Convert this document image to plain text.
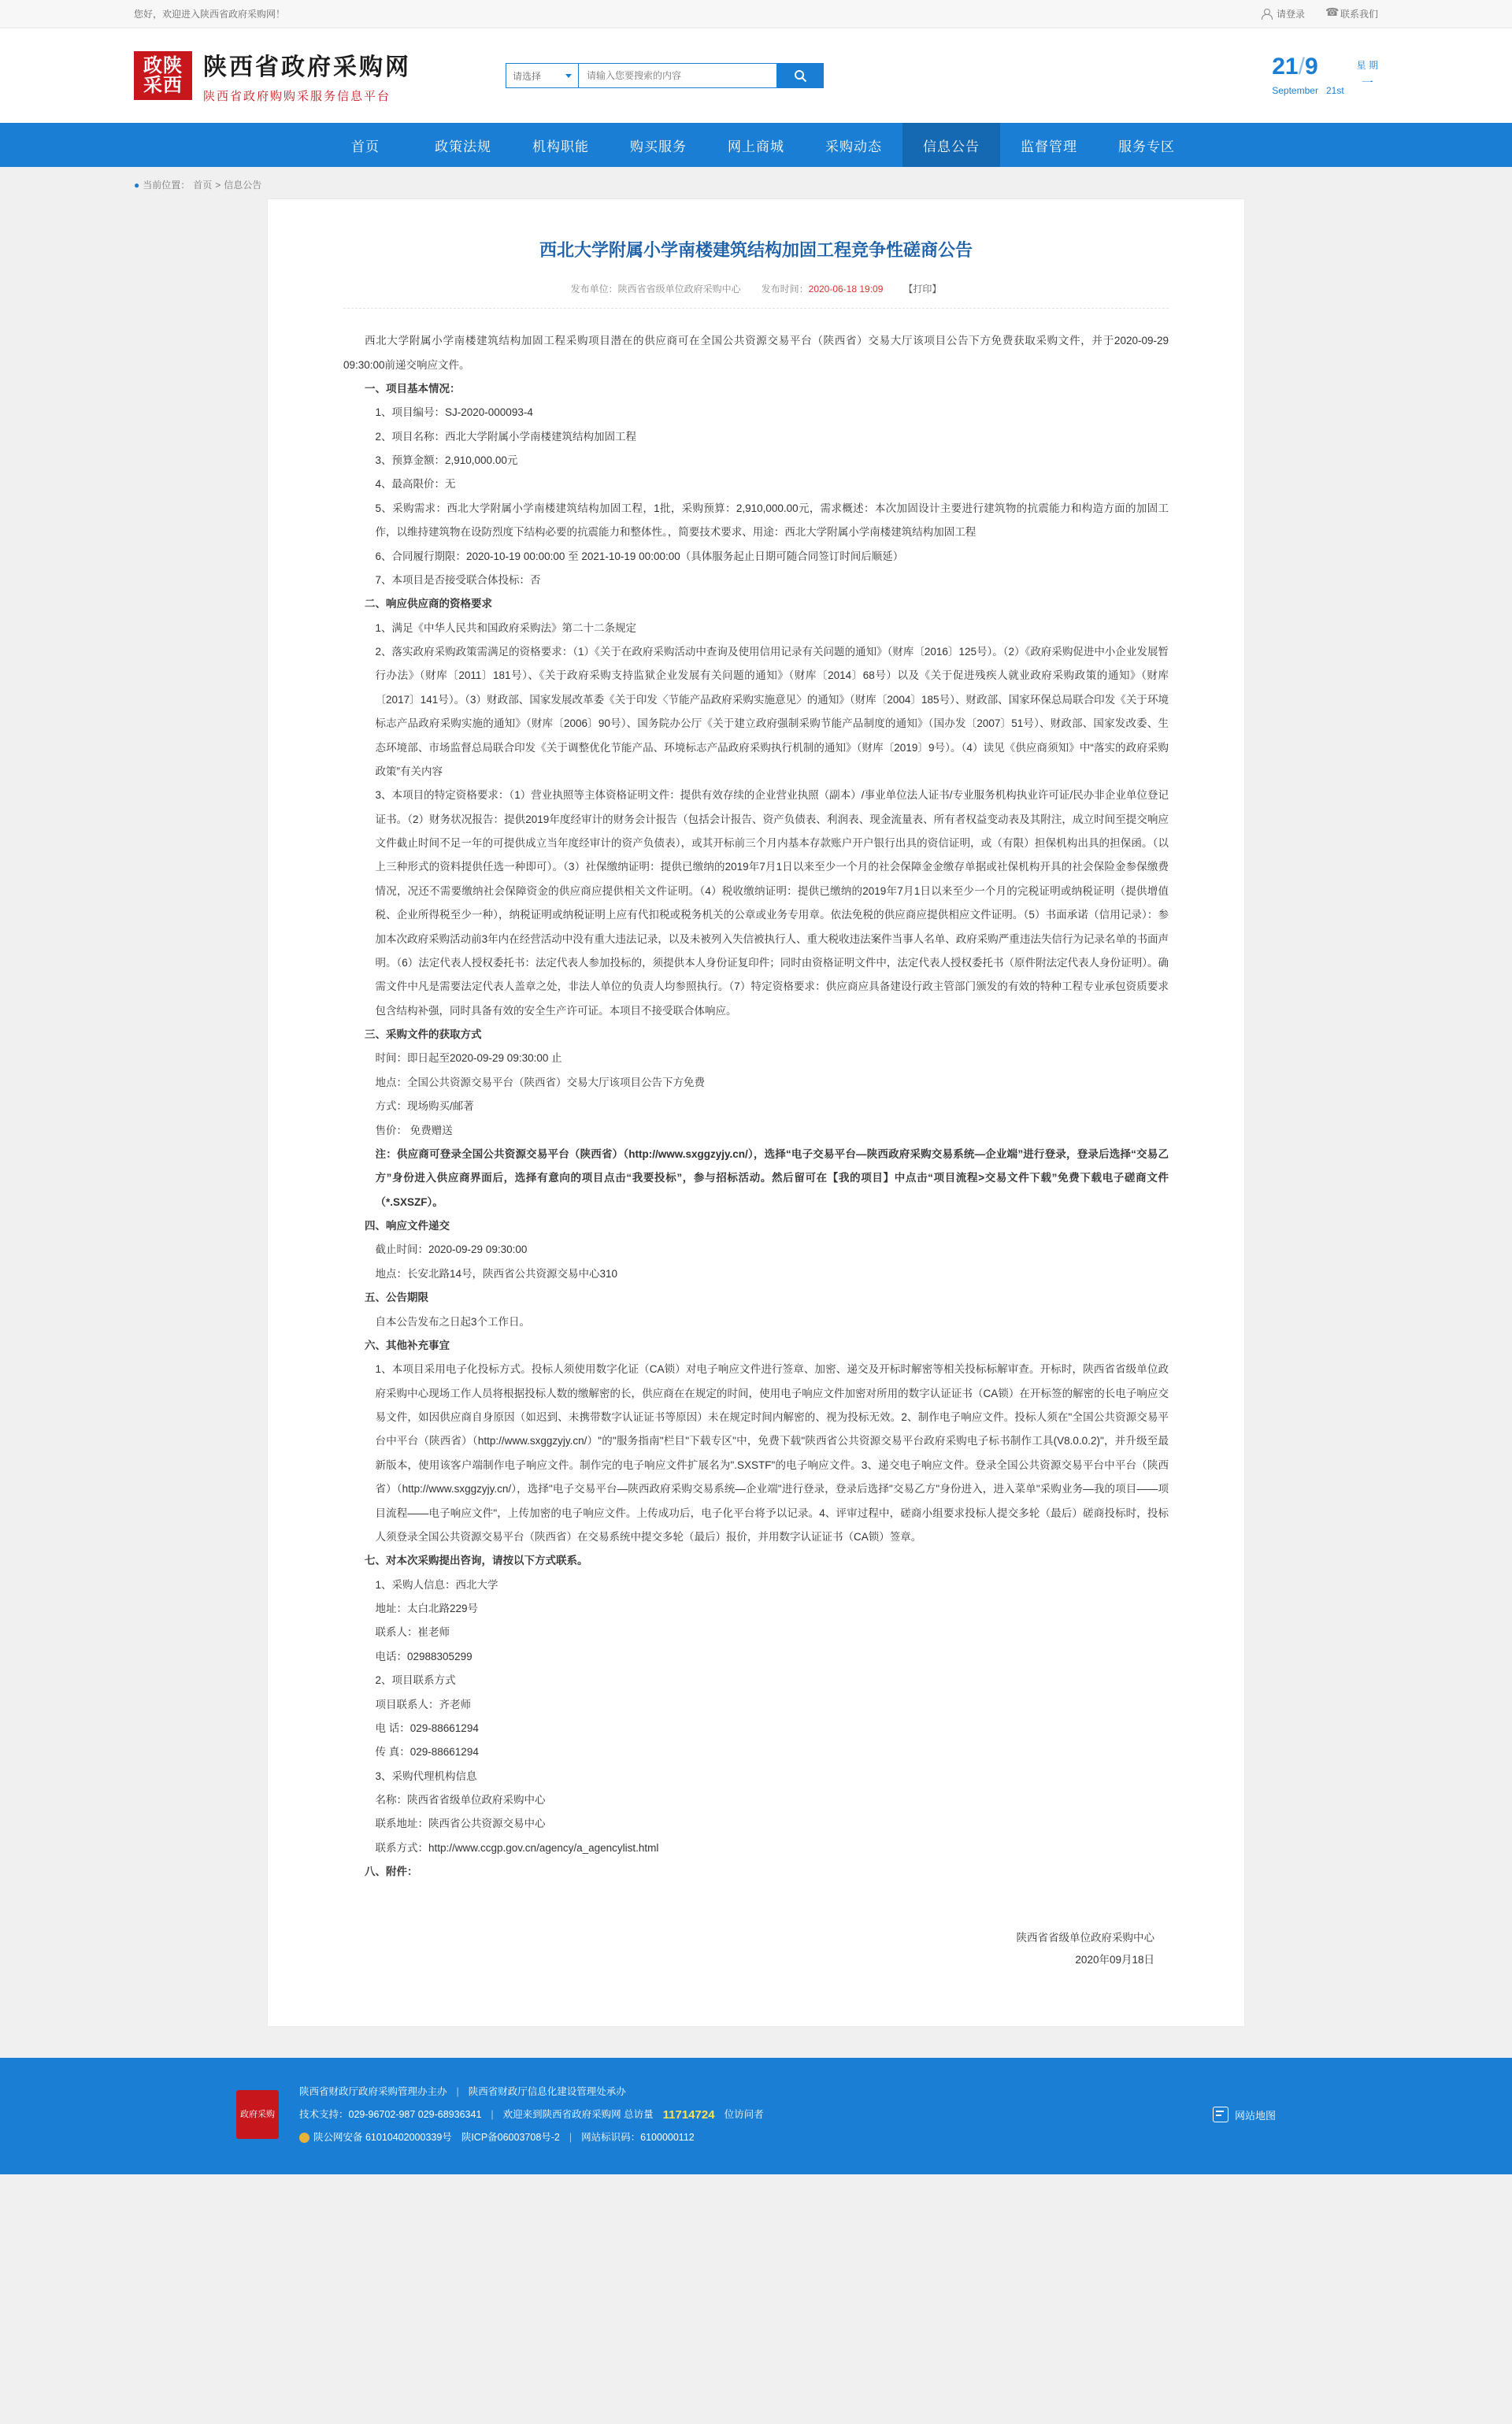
您好，欢迎进入陕西省政府采购网！	请登录 ☎	联系我们
政陕
采西
陕西省政府采购网
陕西省政府购购采服务信息平台
请选择
请输入您要搜索的内容	21/9
September 21st
星 期
一
首页	政策法规	机构职能	购买服务	网上商城	采购动态	信息公告	监督管理	服务专区
● 当前位置： 首页 > 信息公告
西北大学附属小学南楼建筑结构加固工程竞争性磋商公告
发布单位：陕西省省级单位政府采购中心 发布时间：2020-06-18 19:09 【打印】

西北大学附属小学南楼建筑结构加固工程采购项目潜在的供应商可在全国公共资源交易平台（陕西省）交易大厅该项目公告下方免费获取采购文件，并于2020-09-29 09:30:00前递交响应文件。

一、项目基本情况：

1、项目编号：SJ-2020-000093-4

2、项目名称：西北大学附属小学南楼建筑结构加固工程

3、预算金额：2,910,000.00元

4、最高限价：无

5、采购需求：西北大学附属小学南楼建筑结构加固工程，1批，采购预算：2,910,000.00元，需求概述：本次加固设计主要进行建筑物的抗震能力和构造方面的加固工作，以维持建筑物在设防烈度下结构必要的抗震能力和整体性。，简要技术要求、用途：西北大学附属小学南楼建筑结构加固工程

6、合同履行期限：2020-10-19 00:00:00 至 2021-10-19 00:00:00（具体服务起止日期可随合同签订时间后顺延）

7、本项目是否接受联合体投标：否

二、响应供应商的资格要求

1、满足《中华人民共和国政府采购法》第二十二条规定

2、落实政府采购政策需满足的资格要求：（1）《关于在政府采购活动中查询及使用信用记录有关问题的通知》（财库〔2016〕125号）。（2）《政府采购促进中小企业发展暂行办法》（财库〔2011〕181号）、《关于政府采购支持监狱企业发展有关问题的通知》（财库〔2014〕68号）以及《关于促进残疾人就业政府采购政策的通知》（财库〔2017〕141号）。（3）财政部、国家发展改革委《关于印发〈节能产品政府采购实施意见〉的通知》（财库〔2004〕185号）、财政部、国家环保总局联合印发《关于环境标志产品政府采购实施的通知》（财库〔2006〕90号）、国务院办公厅《关于建立政府强制采购节能产品制度的通知》（国办发〔2007〕51号）、财政部、国家发改委、生态环境部、市场监督总局联合印发《关于调整优化节能产品、环境标志产品政府采购执行机制的通知》（财库〔2019〕9号）。（4）读见《供应商须知》中“落实的政府采购政策”有关内容

3、本项目的特定资格要求：（1）营业执照等主体资格证明文件：提供有效存续的企业营业执照（副本）/事业单位法人证书/专业服务机构执业许可证/民办非企业单位登记证书。（2）财务状况报告：提供2019年度经审计的财务会计报告（包括会计报告、资产负债表、利润表、现金流量表、所有者权益变动表及其附注，成立时间至提交响应文件截止时间不足一年的可提供成立当年度经审计的资产负债表），或其开标前三个月内基本存款账户开户银行出具的资信证明，或（有限）担保机构出具的担保函。（以上三种形式的资料提供任选一种即可）。（3）社保缴纳证明：提供已缴纳的2019年7月1日以来至少一个月的社会保障金金缴存单据或社保机构开具的社会保险金参保缴费情况，况还不需要缴纳社会保障资金的供应商应提供相关文件证明。（4）税收缴纳证明：提供已缴纳的2019年7月1日以来至少一个月的完税证明或纳税证明（提供增值税、企业所得税至少一种），纳税证明或纳税证明上应有代扣税或税务机关的公章或业务专用章。依法免税的供应商应提供相应文件证明。（5）书面承诺（信用记录）：参加本次政府采购活动前3年内在经营活动中没有重大违法记录，以及未被列入失信被执行人、重大税收违法案件当事人名单、政府采购严重违法失信行为记录名单的书面声明。（6）法定代表人授权委托书：法定代表人参加投标的，须提供本人身份证复印件；同时由资格证明文件中，法定代表人授权委托书（原件附法定代表人身份证明）。确需文件中凡是需要法定代表人盖章之处，非法人单位的负责人均参照执行。（7）特定资格要求：供应商应具备建设行政主管部门颁发的有效的特种工程专业承包资质要求包含结构补强，同时具备有效的安全生产许可证。本项目不接受联合体响应。

三、采购文件的获取方式

时间：即日起至2020-09-29 09:30:00 止

地点：全国公共资源交易平台（陕西省）交易大厅该项目公告下方免费

方式：现场购买/邮著

售价： 免费赠送

注：供应商可登录全国公共资源交易平台（陕西省）（http://www.sxggzyjy.cn/），选择“电子交易平台—陕西政府采购交易系统—企业端”进行登录，登录后选择“交易乙方”身份进入供应商界面后，选择有意向的项目点击“我要投标”，参与招标活动。然后留可在【我的项目】中点击“项目流程>交易文件下载”免费下载电子磋商文件（*.SXSZF）。

四、响应文件递交

截止时间：2020-09-29 09:30:00

地点：长安北路14号，陕西省公共资源交易中心310

五、公告期限

自本公告发布之日起3个工作日。

六、其他补充事宜

1、本项目采用电子化投标方式。投标人须使用数字化证（CA锁）对电子响应文件进行签章、加密、递交及开标时解密等相关投标标解审查。开标时，陕西省省级单位政府采购中心现场工作人员将根据投标人数的缴解密的长，供应商在在规定的时间，使用电子响应文件加密对所用的数字认证证书（CA锁）在开标签的解密的长电子响应交易文件，如因供应商自身原因（如迟到、未携带数字认证证书等原因）未在规定时间内解密的、视为投标无效。2、制作电子响应文件。投标人须在"全国公共资源交易平台中平台（陕西省）（http://www.sxggzyjy.cn/）"的"服务指南"栏目"下载专区"中，免费下载"陕西省公共资源交易平台政府采购电子标书制作工具(V8.0.0.2)"，并升级至最新版本，使用该客户端制作电子响应文件。制作完的电子响应文件扩展名为".SXSTF"的电子响应文件。3、递交电子响应文件。登录全国公共资源交易平台中平台（陕西省）（http://www.sxggzyjy.cn/），选择"电子交易平台—陕西政府采购交易系统—企业端"进行登录，登录后选择"交易乙方"身份进入，进入菜单"采购业务—我的项目——项目流程——电子响应文件"，上传加密的电子响应文件。上传成功后，电子化平台将予以记录。4、评审过程中，磋商小组要求投标人提交多轮（最后）磋商投标时，投标人须登录全国公共资源交易平台（陕西省）在交易系统中提交多轮（最后）报价，并用数字认证证书（CA锁）签章。

七、对本次采购提出咨询，请按以下方式联系。

1、采购人信息：西北大学

地址：太白北路229号

联系人：崔老师

电话：02988305299

2、项目联系方式

项目联系人：齐老师

电 话：029-88661294

传 真：029-88661294

3、采购代理机构信息

名称：陕西省省级单位政府采购中心

联系地址：陕西省公共资源交易中心

联系方式：http://www.ccgp.gov.cn/agency/a_agencylist.html

八、附件：

陕西省省级单位政府采购中心
2020年09月18日
政府采购
陕西省财政厅政府采购管理办主办 | 陕西省财政厅信息化建设管理处承办
技术支持：029-96702-987 029-68936341 | 欢迎来到陕西省政府采购网 总访量 11714724 位访问者
陕公网安备 61010402000339号 陕ICP备06003708号-2 | 网站标识码：6100000112
网站地图
